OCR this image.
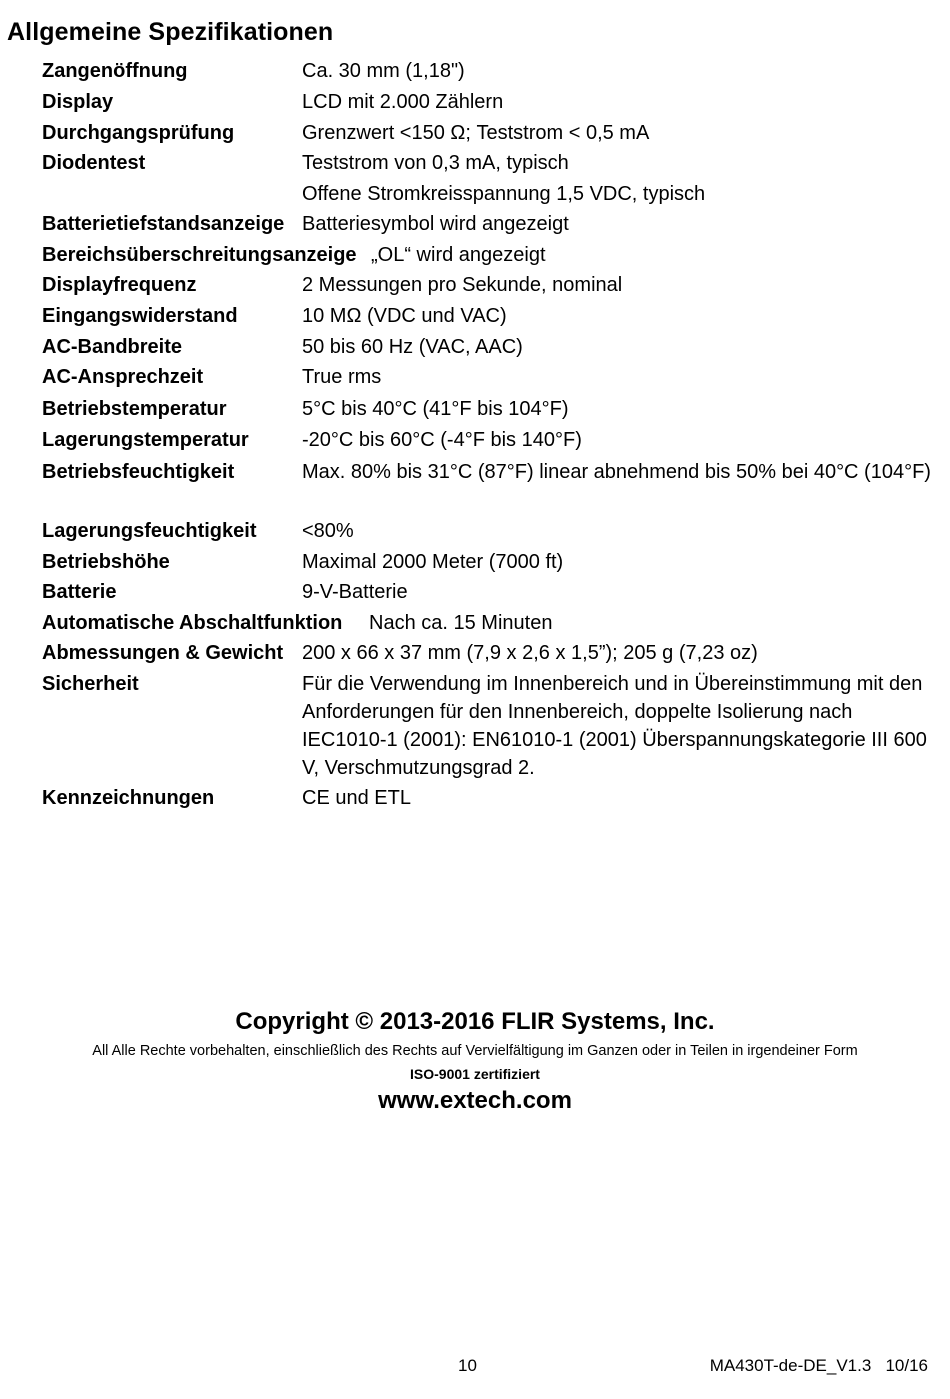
Allgemeine Spezifikationen
Zangenöffnung	Ca. 30 mm (1,18")
Display	LCD mit 2.000 Zählern
Durchgangsprüfung	Grenzwert <150 Ω; Teststrom < 0,5 mA
Diodentest	Teststrom von 0,3 mA, typisch
Offene Stromkreisspannung 1,5 VDC, typisch
Batterietiefstandsanzeige Batteriesymbol wird angezeigt
Bereichsüberschreitungsanzeige „OL“ wird angezeigt
Displayfrequenz	2 Messungen pro Sekunde, nominal
Eingangswiderstand	10 MΩ (VDC und VAC)
AC-Bandbreite	50 bis 60 Hz (VAC, AAC)
AC-Ansprechzeit	True rms
Betriebstemperatur	5°C bis 40°C (41°F bis 104°F)
Lagerungstemperatur	-20°C bis 60°C (-4°F bis 140°F)
Betriebsfeuchtigkeit	Max. 80% bis 31°C (87°F) linear abnehmend bis 50% bei 40°C (104°F)
Lagerungsfeuchtigkeit <80%
Betriebshöhe	Maximal 2000 Meter (7000 ft)
Batterie	9-V-Batterie
Automatische Abschaltfunktion Nach ca. 15 Minuten
Abmessungen & Gewicht 200 x 66 x 37 mm (7,9 x 2,6 x 1,5”); 205 g (7,23 oz)
Sicherheit	Für die Verwendung im Innenbereich und in Übereinstimmung mit den Anforderungen für den Innenbereich, doppelte Isolierung nach IEC1010-1 (2001): EN61010-1 (2001) Überspannungskategorie III 600 V, Verschmutzungsgrad 2.
Kennzeichnungen	CE und ETL
Copyright © 2013-2016 FLIR Systems, Inc.
All Alle Rechte vorbehalten, einschließlich des Rechts auf Vervielfältigung im Ganzen oder in Teilen in irgendeiner Form
ISO-9001 zertifiziert
www.extech.com
10	MA430T-de-DE_V1.3   10/16
